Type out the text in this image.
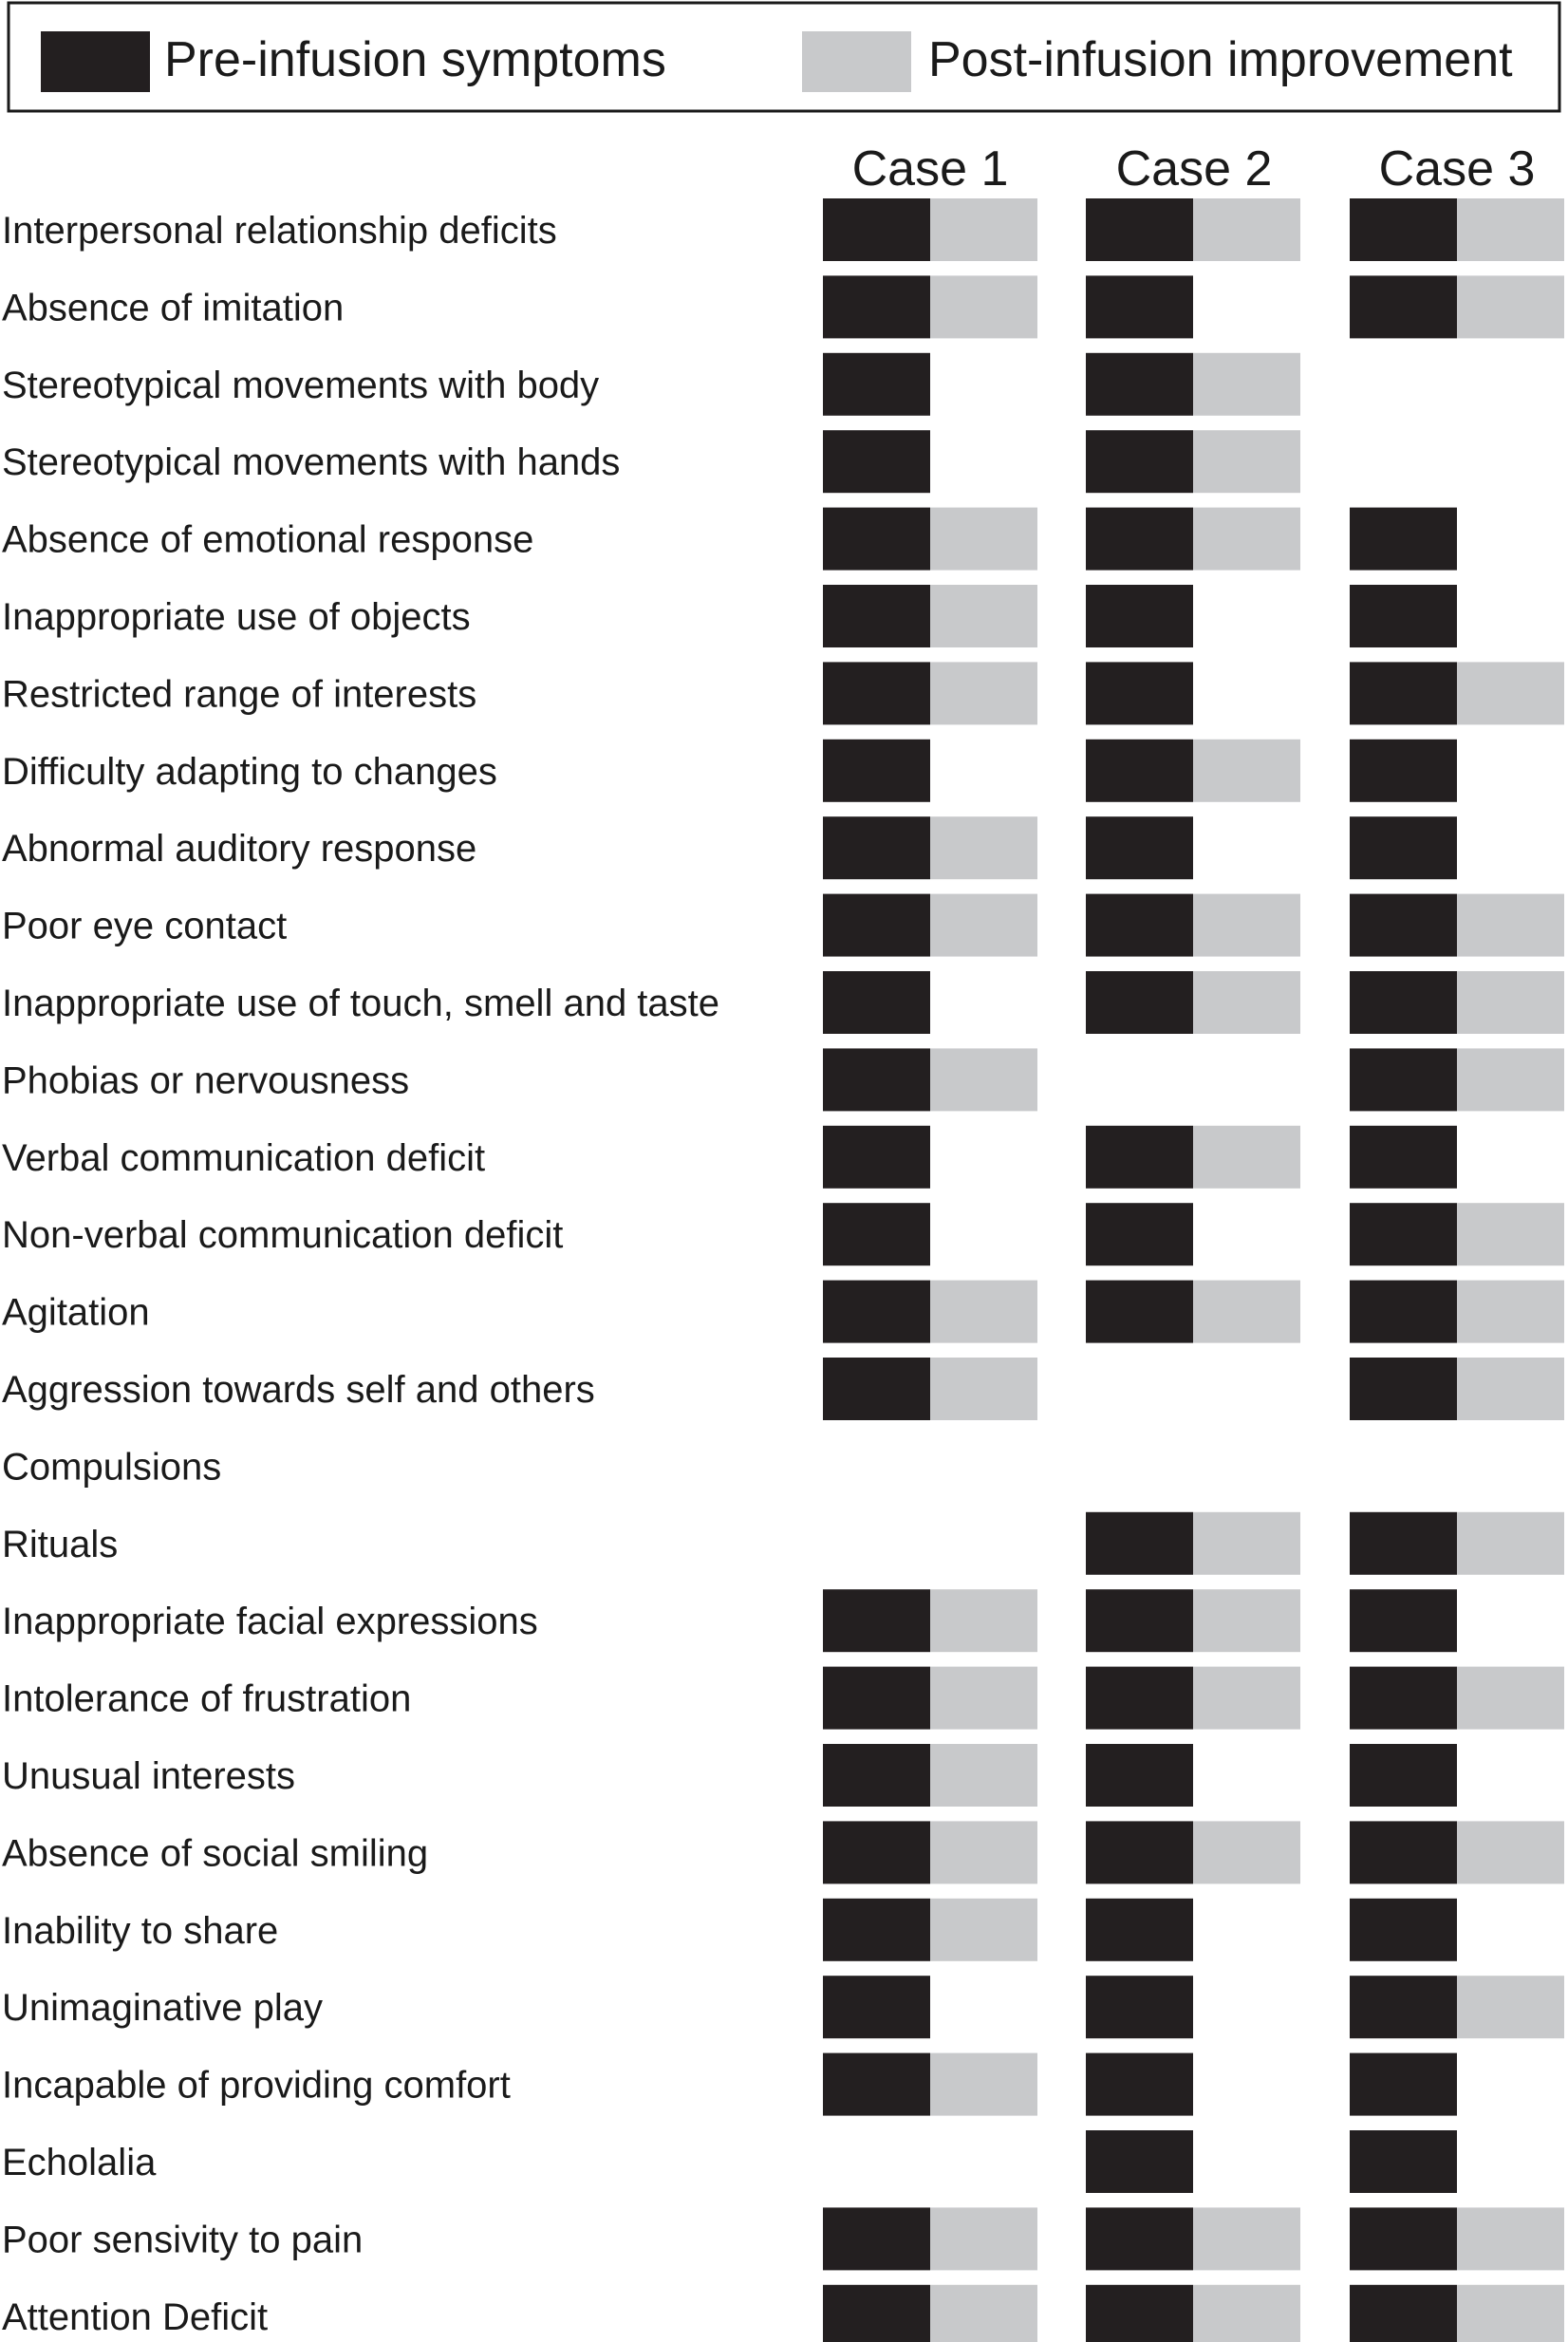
Pre-infusion symptoms	Post-infusion improvement
Case 1 Case 2 Case 3
Interpersonal relationship deficits
Absence of imitation
Stereotypical movements with body
Stereotypical movements with hands
Absence of emotional response
Inappropriate use of objects
Restricted range of interests
Difficulty adapting to changes
Abnormal auditory response
Poor eye contact
Inappropriate use of touch, smell and taste
Phobias or nervousness
Verbal communication deficit
Non-verbal communication deficit
Agitation
Aggression towards self and others
Compulsions
Rituals
Inappropriate facial expressions
Intolerance of frustration
Unusual interests
Absence of social smiling
Inability to share
Unimaginative play
Incapable of providing comfort
Echolalia
Poor sensivity to pain
Attention Deficit
